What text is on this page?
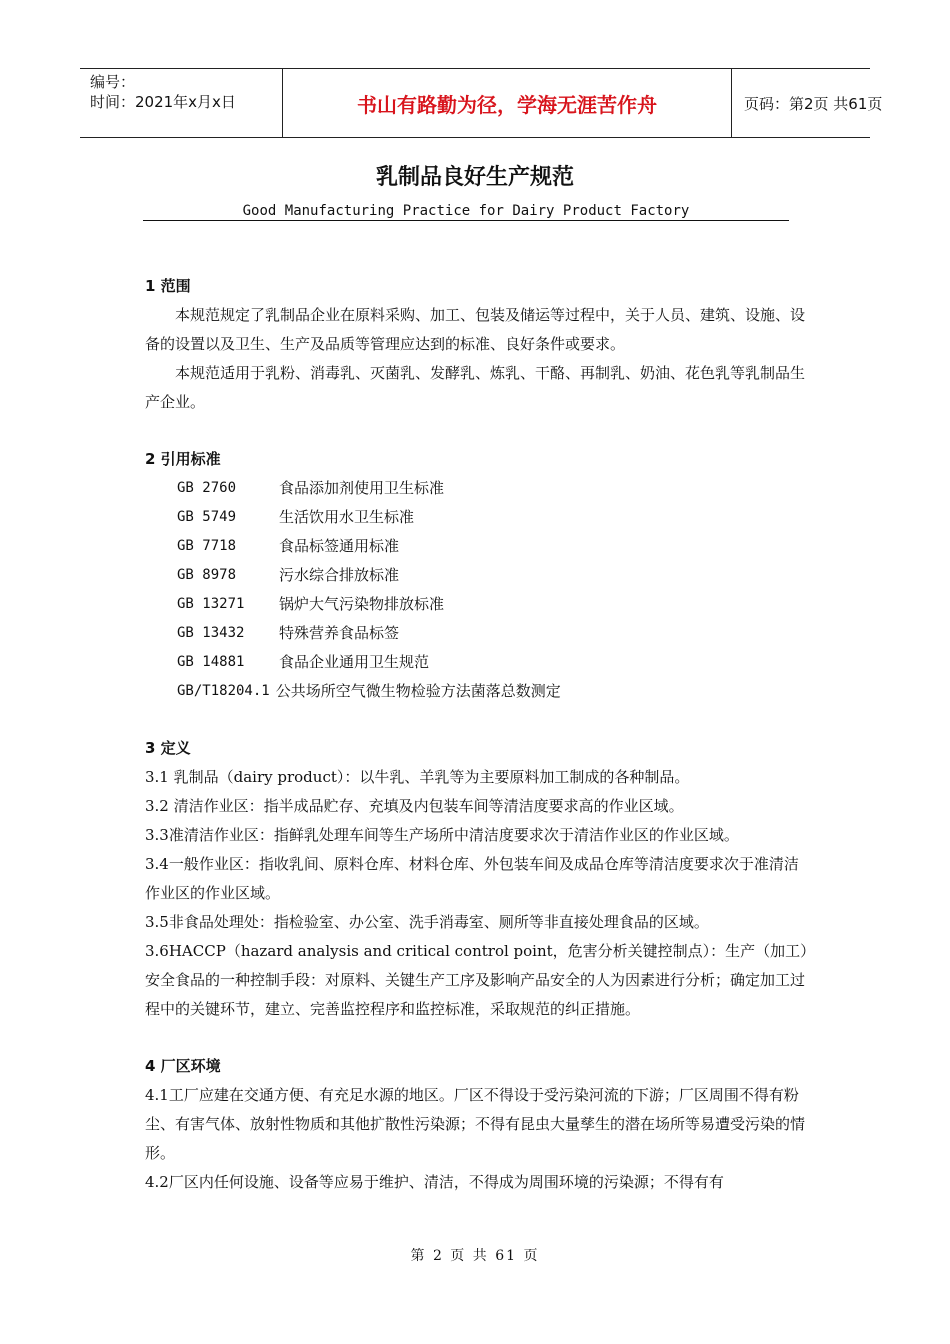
编号：
时间：2021年x月x日	书山有路勤为径，学海无涯苦作舟	页码：第2页 共61页
乳制品良好生产规范
Good Manufacturing Practice for Dairy Product Factory
1 范围
本规范规定了乳制品企业在原料采购、加工、包装及储运等过程中，关于人员、建筑、设施、设备的设置以及卫生、生产及品质等管理应达到的标准、良好条件或要求。
本规范适用于乳粉、消毒乳、灭菌乳、发酵乳、炼乳、干酪、再制乳、奶油、花色乳等乳制品生产企业。
2 引用标准
GB 2760	食品添加剂使用卫生标准
GB 5749	生活饮用水卫生标准
GB 7718	食品标签通用标准
GB 8978	污水综合排放标准
GB 13271	锅炉大气污染物排放标准
GB 13432	特殊营养食品标签
GB 14881	食品企业通用卫生规范
GB/T18204.1 公共场所空气微生物检验方法菌落总数测定
3 定义
3.1 乳制品（dairy product）：以牛乳、羊乳等为主要原料加工制成的各种制品。
3.2 清洁作业区：指半成品贮存、充填及内包装车间等清洁度要求高的作业区域。
3.3准清洁作业区：指鲜乳处理车间等生产场所中清洁度要求次于清洁作业区的作业区域。
3.4一般作业区：指收乳间、原料仓库、材料仓库、外包装车间及成品仓库等清洁度要求次于准清洁作业区的作业区域。
3.5非食品处理处：指检验室、办公室、洗手消毒室、厕所等非直接处理食品的区域。
3.6HACCP（hazard analysis and critical control point，危害分析关键控制点）：生产（加工）安全食品的一种控制手段：对原料、关键生产工序及影响产品安全的人为因素进行分析；确定加工过程中的关键环节，建立、完善监控程序和监控标准，采取规范的纠正措施。
4 厂区环境
4.1工厂应建在交通方便、有充足水源的地区。厂区不得设于受污染河流的下游；厂区周围不得有粉尘、有害气体、放射性物质和其他扩散性污染源；不得有昆虫大量孳生的潜在场所等易遭受污染的情形。
4.2厂区内任何设施、设备等应易于维护、清洁，不得成为周围环境的污染源；不得有有
第 2 页 共 61 页
